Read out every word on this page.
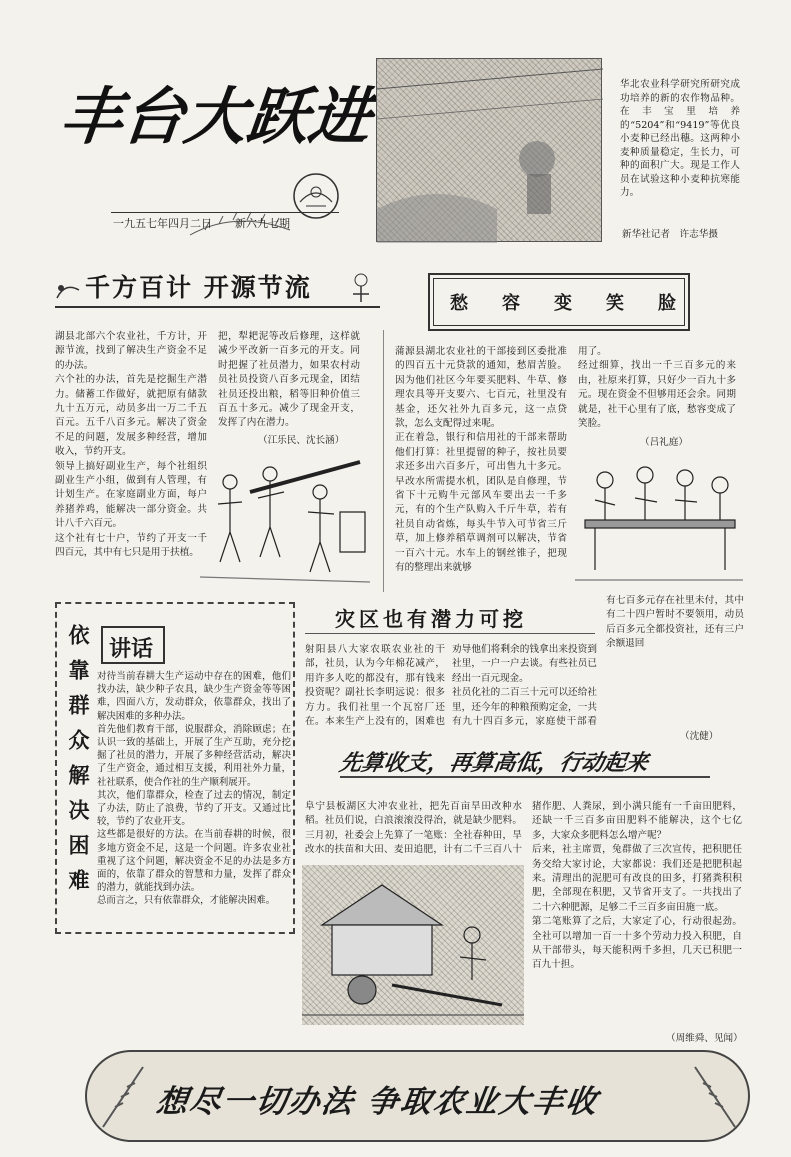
丰台大跃进
一九五七年四月二日 新六九七期
华北农业科学研究所研究成功培养的新的农作物品种。在丰宝里培养的“5204”和“9419”等优良小麦种已经出穗。这两种小麦种质量稳定，生长力，可种的面积广大。现是工作人员在试验这种小麦种抗寒能力。
新华社记者　许志华摄
千方百计 开源节流
湖县北部六个农业社，千方计，开源节流，找到了解决生产资金不足的办法。
六个社的办法，首先是挖掘生产潜力。储蓄工作做好，就把原有储款九十五万元，动员多出一万二千五百元。五千八百多元。解决了资金不足的问题，发展多种经营，增加收入，节约开支。
领导上搞好副业生产，每个社组织副业生产小组，做到有人管理，有计划生产。在家庭副业方面，每户养猪养鸡，能解决一部分资金。共计八千六百元。
这个社有七十户，节约了开支一千四百元，其中有七只是用于扶植。
把，犁耙泥等改后修理，这样就减少平改新一百多元的开支。同时把握了社员潜力，如果农村动员社员投资八百多元现金，团结社员还投出粮，稻等旧种价值三百五十多元。减少了现金开支，发挥了内在潜力。
（江乐民、沈长涵）
愁容变笑脸
蒲源县湖北农业社的干部接到区委批准的四百五十元贷款的通知，愁眉苦脸。因为他们社区今年要买肥料、牛草、修理农具等开支要六、七百元，社里没有基金，还欠社外九百多元，这一点贷款，怎么支配得过来呢。
正在着急，银行和信用社的干部来帮助他们打算：社里提留的种子，按社员要求还多出六百多斤，可出售九十多元。早改水所需提水机，团队是自修理，节省下十元购牛元部风车要出去一千多元，有的个生产队购入千斤牛草，若有社员自动省炼，每头牛节入可节省三斤草，加上修养稻草调剂可以解决，节省一百六十元。水车上的钢丝锥子，把现有的整理出来就够
用了。
经过细算，找出一千三百多元的来由，社原来打算，只好少一百九十多元。现在资金不但够用还会余。同期就是，社干心里有了底，愁容变成了笑脸。
（吕礼庭）
依靠群众解决困难 讲话
对待当前春耕大生产运动中存在的困难，他们找办法，缺少种子农具，缺少生产资金等等困难，四面八方，发动群众，依靠群众，找出了解决困难的多种办法。
首先他们教育干部，说服群众，消除顾虑；在认识一致的基础上，开展了生产互助，充分挖掘了社员的潜力，开展了多种经营活动，解决了生产资金，通过相互支援，利用社外力量，社社联系，使合作社的生产顺利展开。
其次，他们靠群众，检查了过去的情况，制定了办法，防止了浪费，节约了开支。又通过比较，节约了农业开支。
这些都是很好的方法。在当前春耕的时候，很多地方资金不足，这是一个问题。许多农业社重视了这个问题，解决资金不足的办法是多方面的，依靠了群众的智慧和力量，发挥了群众的潜力，就能找到办法。
总而言之，只有依靠群众，才能解决困难。
灾区也有潜力可挖
射阳县八大家农联农业社的干部，社员，认为今年棉花减产，用许多人吃的都没有，那有钱来投资呢？副社长李明远说：很多方力。我们社里一个瓦窑厂还在。本来生产上没有的，困难也

劝导他们将剩余的钱拿出来投资到社里，一户一户去谈。有些社员已经出一百元现金。
社员化社的二百三十元可以还给社里，还今年的种粮预购定金，一共有九十四百多元，家庭使干部看
有七百多元存在社里未付，其中有二十四户暂时不要领用，动员后百多元全都投资社，还有三户余额退回
（沈健）
先算收支，再算高低，行动起来
阜宁县板湖区大冲农业社，把先百亩旱田改种水稻。社员们说，白浪滚滚没得治，就是缺少肥料。三月初，社委会上先算了一笔账：全社春种田，旱改水的扶苗和大田、麦田追肥，计有二千三百八十
猪作肥、人粪尿，到小满只能有一千亩田肥料，还缺一千三百多亩田肥料不能解决，这个七亿多，大家众多肥料怎么增产呢？
后来，社主席贾，兔群做了三次宣传，把积肥任务交给大家讨论，大家都说：我们还是把肥积起来。清理出的泥肥可有改良的田多，打猪粪积积肥，全部现在积肥，又节省开支了。一共找出了二十六种肥源，足够二千三百多亩田施一底。
第二笔账算了之后，大家定了心，行动很起劲。全社可以增加一百一十多个劳动力投入积肥，自从干部带头，每天能积两千多担，几天已积肥一百九十担。
（周维舜、见闻）
想尽一切办法 争取农业大丰收
